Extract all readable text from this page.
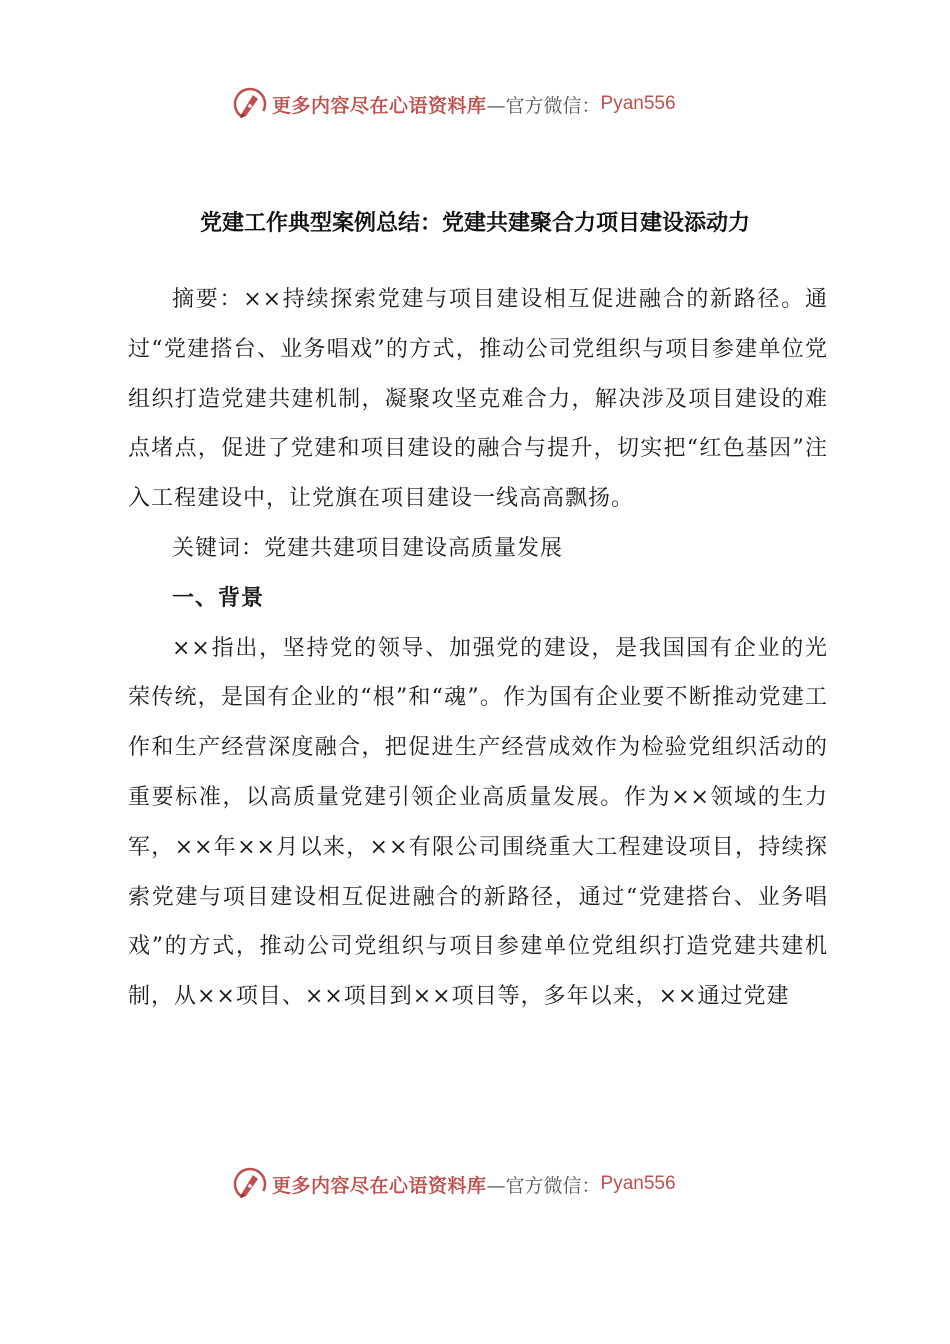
更多内容尽在心语资料库 —官方微信： Pyan556
党建工作典型案例总结：党建共建聚合力项目建设添动力

摘要：××持续探索党建与项目建设相互促进融合的新路径。通过“党建搭台、业务唱戏”的方式，推动公司党组织与项目参建单位党组织打造党建共建机制，凝聚攻坚克难合力，解决涉及项目建设的难点堵点，促进了党建和项目建设的融合与提升，切实把“红色基因”注入工程建设中，让党旗在项目建设一线高高飘扬。

关键词：党建共建项目建设高质量发展

一、背景

××指出，坚持党的领导、加强党的建设，是我国国有企业的光荣传统，是国有企业的“根”和“魂”。作为国有企业要不断推动党建工作和生产经营深度融合，把促进生产经营成效作为检验党组织活动的重要标准，以高质量党建引领企业高质量发展。作为××领域的生力军，××年××月以来，××有限公司围绕重大工程建设项目，持续探索党建与项目建设相互促进融合的新路径，通过“党建搭台、业务唱戏”的方式，推动公司党组织与项目参建单位党组织打造党建共建机制，从××项目、××项目到××项目等，多年以来，××通过党建

更多内容尽在心语资料库 —官方微信： Pyan556
